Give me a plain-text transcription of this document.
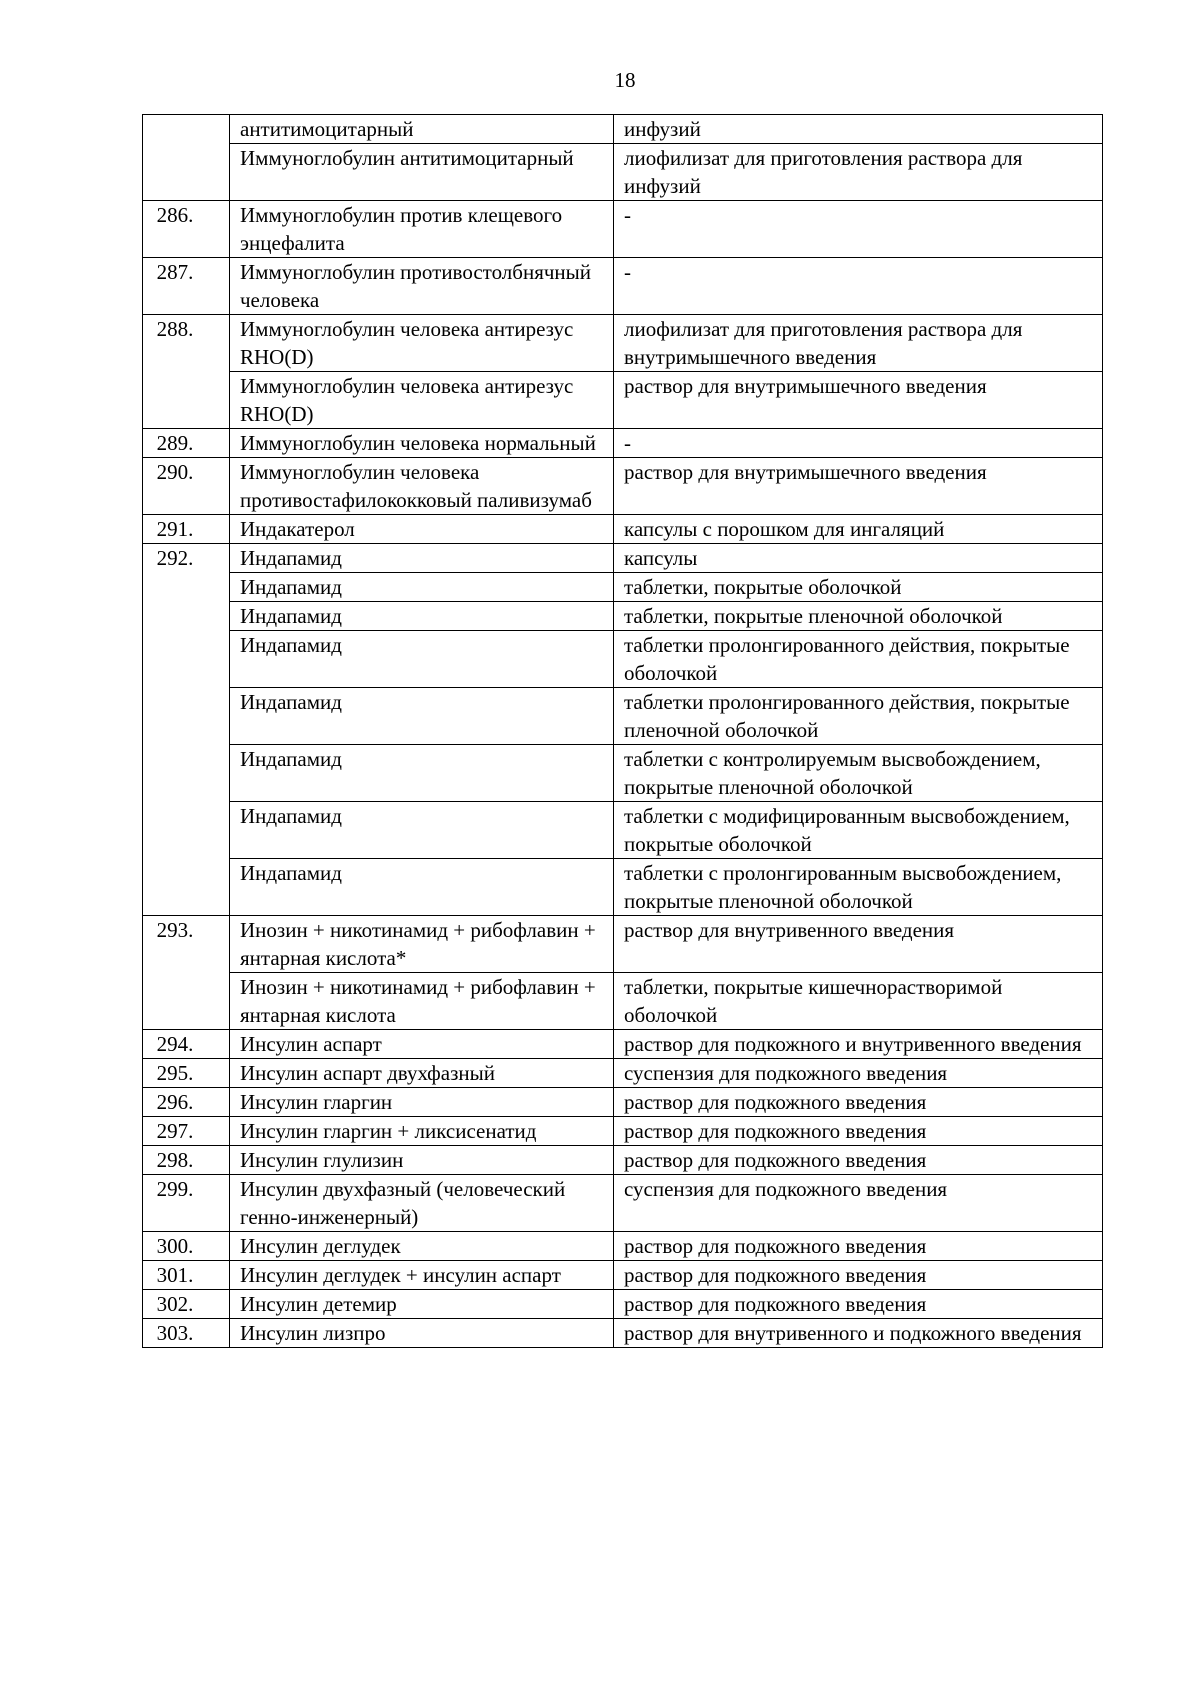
18
	антитимоцитарный	инфузий
	Иммуноглобулин антитимоцитарный	лиофилизат для приготовления раствора для инфузий
286.	Иммуноглобулин против клещевого энцефалита	-
287.	Иммуноглобулин противостолбнячный человека	-
288.	Иммуноглобулин человека антирезус RHO(D)	лиофилизат для приготовления раствора для внутримышечного введения
	Иммуноглобулин человека антирезус RHO(D)	раствор для внутримышечного введения
289.	Иммуноглобулин человека нормальный	-
290.	Иммуноглобулин человека противостафилококковый паливизумаб	раствор для внутримышечного введения
291.	Индакатерол	капсулы с порошком для ингаляций
292.	Индапамид	капсулы
	Индапамид	таблетки, покрытые оболочкой
	Индапамид	таблетки, покрытые пленочной оболочкой
	Индапамид	таблетки пролонгированного действия, покрытые оболочкой
	Индапамид	таблетки пролонгированного действия, покрытые пленочной оболочкой
	Индапамид	таблетки с контролируемым высвобождением, покрытые пленочной оболочкой
	Индапамид	таблетки с модифицированным высвобождением, покрытые оболочкой
	Индапамид	таблетки с пролонгированным высвобождением, покрытые пленочной оболочкой
293.	Инозин + никотинамид + рибофлавин + янтарная кислота*	раствор для внутривенного введения
	Инозин + никотинамид + рибофлавин + янтарная кислота	таблетки, покрытые кишечнорастворимой оболочкой
294.	Инсулин аспарт	раствор для подкожного и внутривенного введения
295.	Инсулин аспарт двухфазный	суспензия для подкожного введения
296.	Инсулин гларгин	раствор для подкожного введения
297.	Инсулин гларгин + ликсисенатид	раствор для подкожного введения
298.	Инсулин глулизин	раствор для подкожного введения
299.	Инсулин двухфазный (человеческий генно-инженерный)	суспензия для подкожного введения
300.	Инсулин деглудек	раствор для подкожного введения
301.	Инсулин деглудек + инсулин аспарт	раствор для подкожного введения
302.	Инсулин детемир	раствор для подкожного введения
303.	Инсулин лизпро	раствор для внутривенного и подкожного введения
